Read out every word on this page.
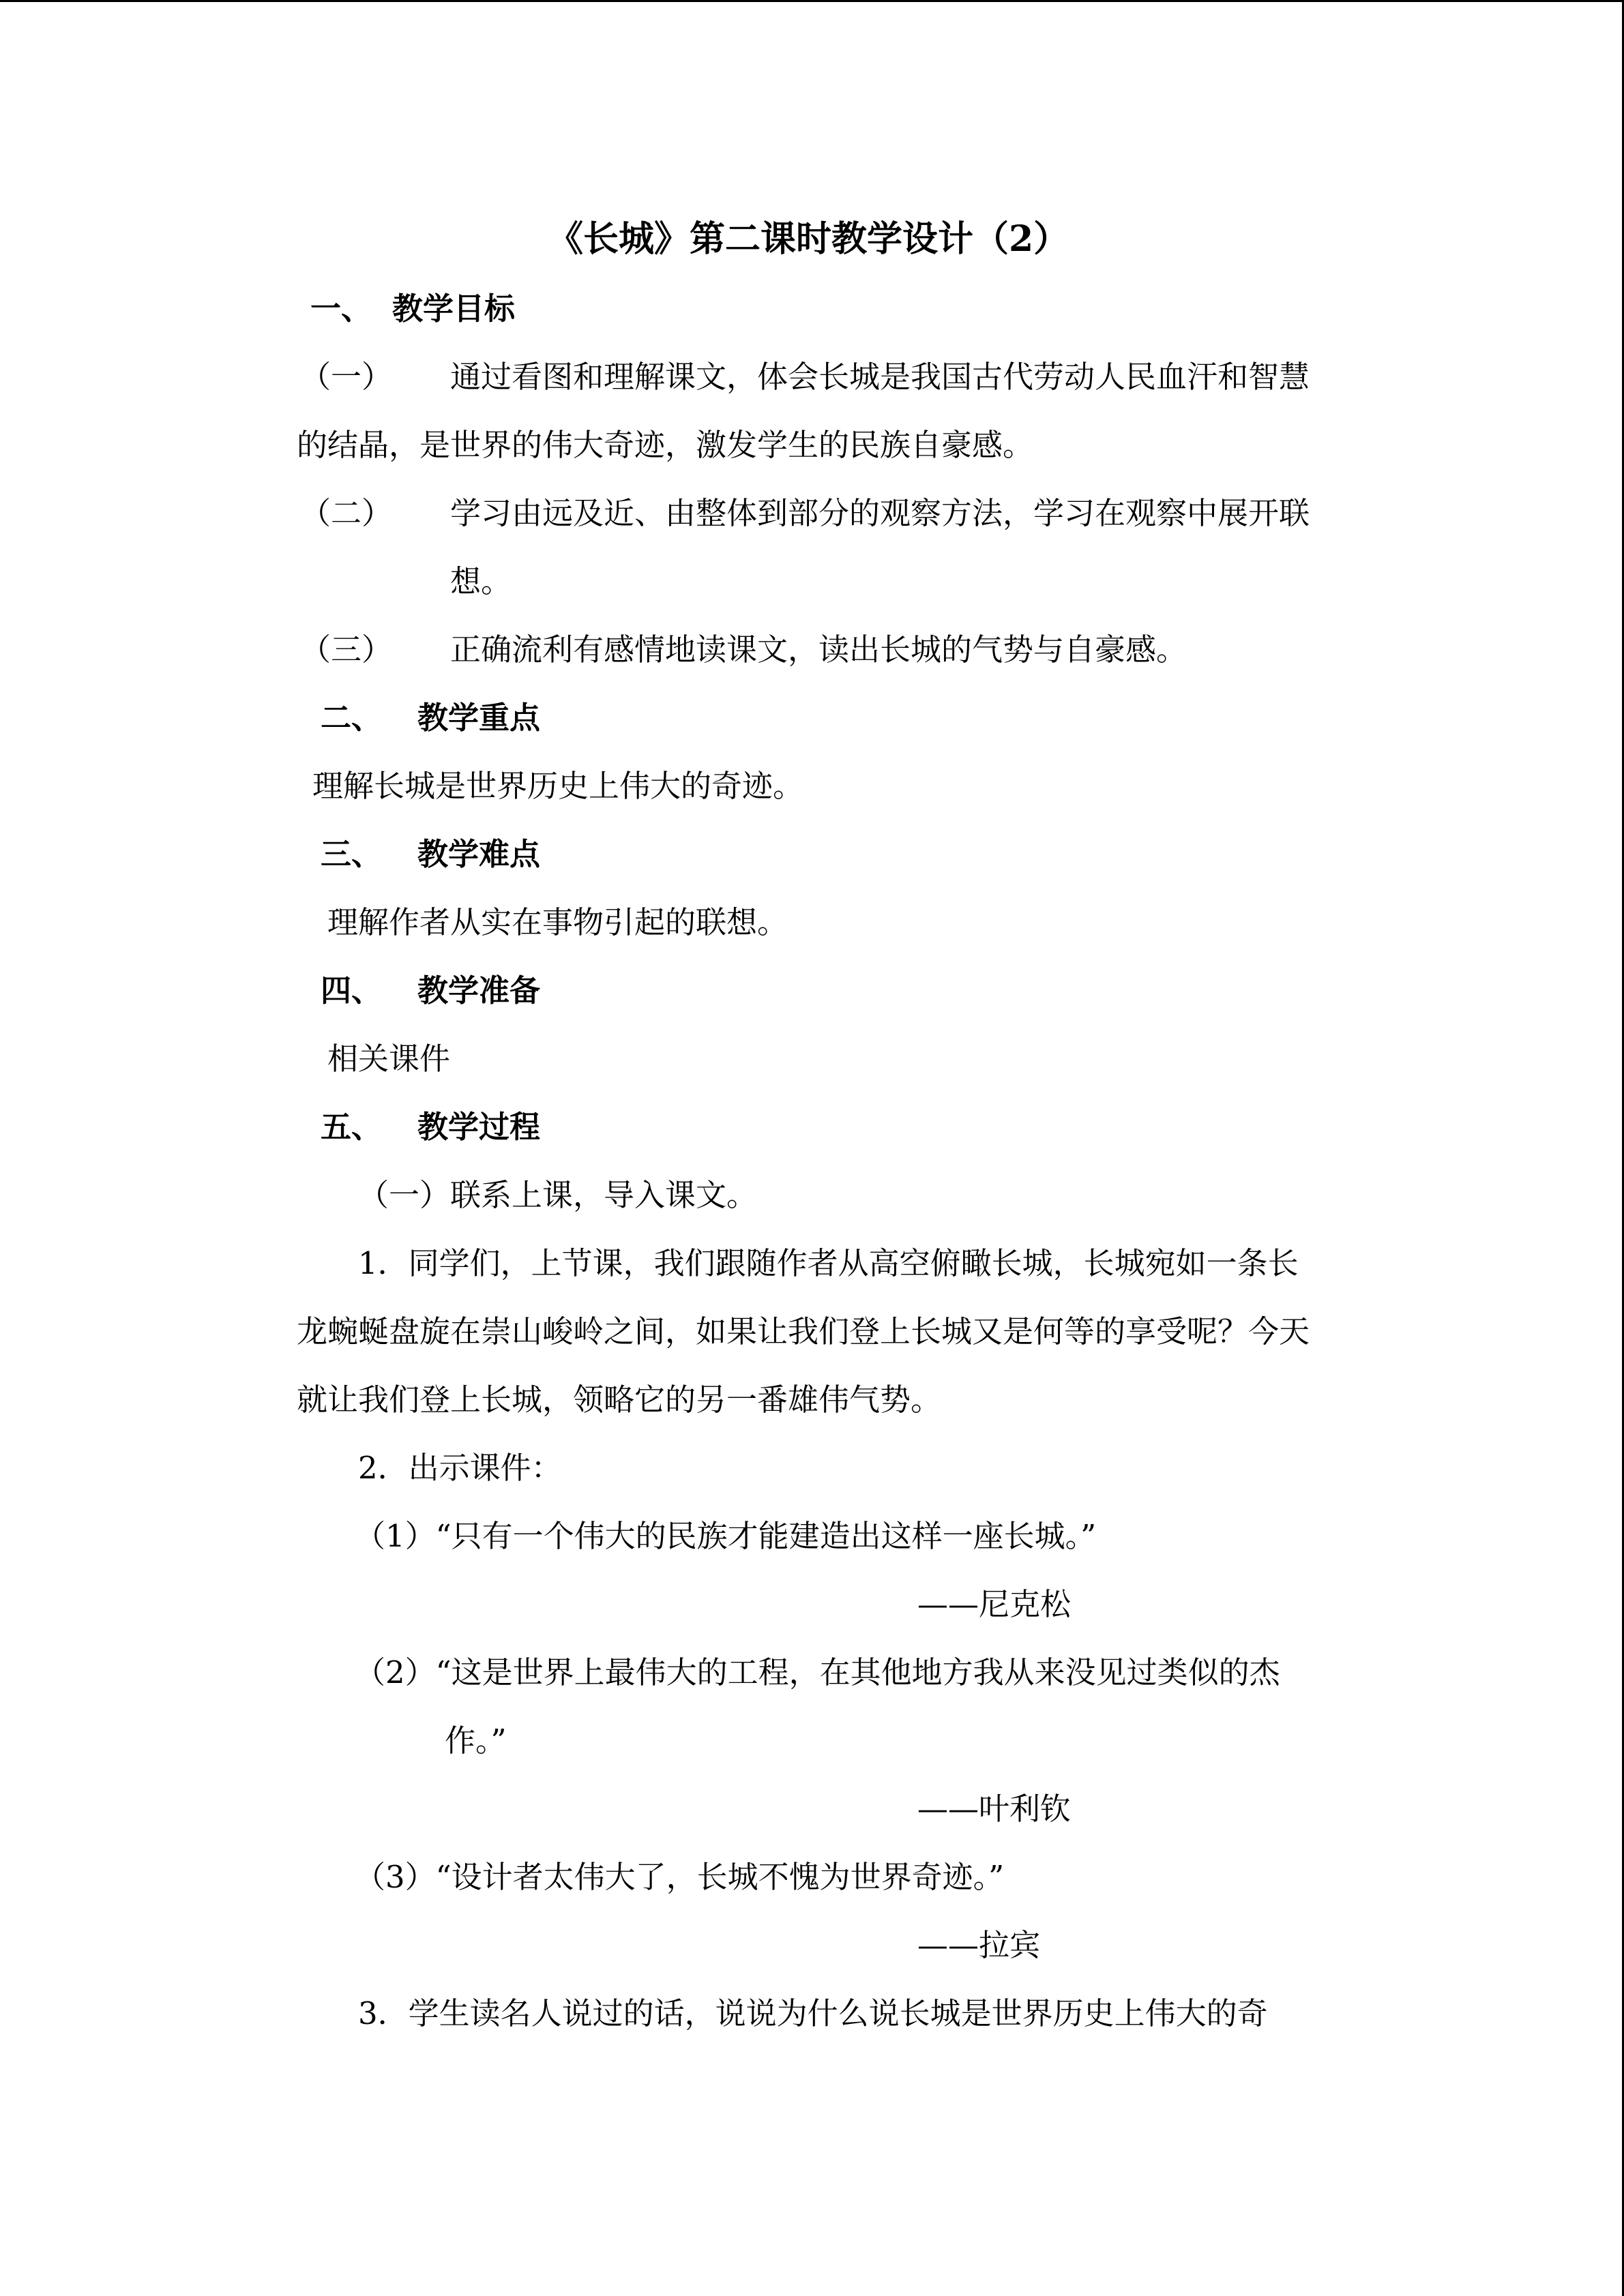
《长城》第二课时教学设计（2）
一、 教学目标
（一） 通过看图和理解课文，体会长城是我国古代劳动人民血汗和智慧
的结晶，是世界的伟大奇迹，激发学生的民族自豪感。
（二） 学习由远及近、由整体到部分的观察方法，学习在观察中展开联
想。
（三） 正确流利有感情地读课文，读出长城的气势与自豪感。
二、 教学重点
理解长城是世界历史上伟大的奇迹。
三、 教学难点
理解作者从实在事物引起的联想。
四、 教学准备
相关课件
五、 教学过程
（一）联系上课，导入课文。
1．同学们，上节课，我们跟随作者从高空俯瞰长城，长城宛如一条长
龙蜿蜒盘旋在崇山峻岭之间，如果让我们登上长城又是何等的享受呢？今天
就让我们登上长城，领略它的另一番雄伟气势。
2．出示课件：
（1）“只有一个伟大的民族才能建造出这样一座长城。”
——尼克松
（2）“这是世界上最伟大的工程，在其他地方我从来没见过类似的杰
作。”
——叶利钦
（3）“设计者太伟大了，长城不愧为世界奇迹。”
——拉宾
3．学生读名人说过的话，说说为什么说长城是世界历史上伟大的奇
